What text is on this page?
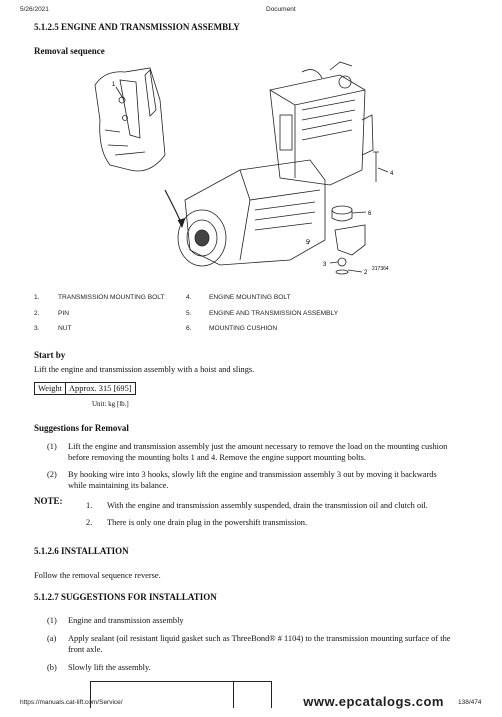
5/26/2021	Document
5.1.2.5 ENGINE AND TRANSMISSION ASSEMBLY
Removal sequence
1
2
3
4
5
6
217364
1.	TRANSMISSION MOUNTING BOLT
2.	PIN
3.	NUT
4.	ENGINE MOUNTING BOLT
5.	ENGINE AND TRANSMISSION ASSEMBLY
6.	MOUNTING CUSHION
Start by
Lift the engine and transmission assembly with a hoist and slings.
Weight	Approx. 315 [695]
Unit: kg [lb.]
Suggestions for Removal
(1) Lift the engine and transmission assembly just the amount necessary to remove the load on the mounting cushion
before removing the mounting bolts 1 and 4. Remove the engine support mounting bolts.
(2) By hooking wire into 3 hooks, slowly lift the engine and transmission assembly 3 out by moving it backwards
while maintaining its balance.
NOTE:	1. With the engine and transmission assembly suspended, drain the transmission oil and clutch oil.
2. There is only one drain plug in the powershift transmission.
5.1.2.6 INSTALLATION
Follow the removal sequence reverse.
5.1.2.7 SUGGESTIONS FOR INSTALLATION
(1) Engine and transmission assembly
(a) Apply sealant (oil resistant liquid gasket such as ThreeBond® # 1104) to the transmission mounting surface of the
front axle.
(b) Slowly lift the assembly.
https://manuals.cat-lift.com/Service/	138/474
www.epcatalogs.com
